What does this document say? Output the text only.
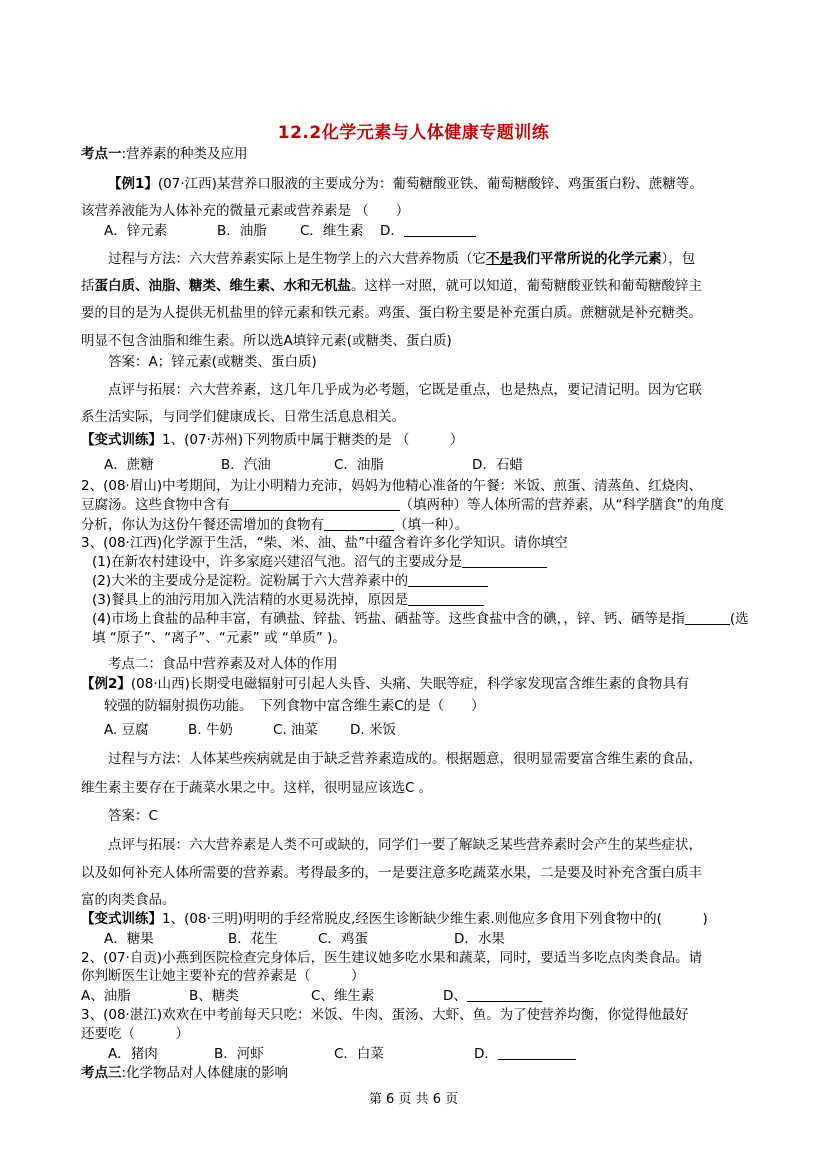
12.2化学元素与人体健康专题训练
考点一:营养素的种类及应用
【例1】(07·江西)某营养口服液的主要成分为：葡萄糖酸亚铁、葡萄糖酸锌、鸡蛋蛋白粉、蔗糖等。
该营养液能为人体补充的微量元素或营养素是 （　　）
A．锌元素	B．油脂 C．维生素 D．
过程与方法：六大营养素实际上是生物学上的六大营养物质（它不是我们平常所说的化学元素），包
括蛋白质、油脂、糖类、维生素、水和无机盐。这样一对照，就可以知道，葡萄糖酸亚铁和葡萄糖酸锌主
要的目的是为人提供无机盐里的锌元素和铁元素。鸡蛋、蛋白粉主要是补充蛋白质。蔗糖就是补充糖类。
明显不包含油脂和维生素。所以选A填锌元素(或糖类、蛋白质)
答案：A；锌元素(或糖类、蛋白质)
点评与拓展：六大营养素，这几年几乎成为必考题，它既是重点，也是热点，要记清记明。因为它联
系生活实际，与同学们健康成长、日常生活息息相关。
【变式训练】1、(07·苏州)下列物质中属于糖类的是 （　　　）
A．蔗糖	B．汽油	C．油脂	D．石蜡
2、(08·眉山)中考期间，为让小明精力充沛，妈妈为他精心准备的午餐：米饭、煎蛋、清蒸鱼、红烧肉、
豆腐汤。这些食物中含有	（填两种）等人体所需的营养素，从“科学膳食”的角度
分析，你认为这份午餐还需增加的食物有	（填一种）。
3、(08·江西)化学源于生活，“柴、米、油、盐”中蕴含着许多化学知识。请你填空
(1)在新农村建设中，许多家庭兴建沼气池。沼气的主要成分是
(2)大米的主要成分是淀粉。淀粉属于六大营养素中的
(3)餐具上的油污用加入洗洁精的水更易洗掉，原因是
(4)市场上食盐的品种丰富，有碘盐、锌盐、钙盐、硒盐等。这些食盐中含的碘，，锌、钙、硒等是指	(选
填 “原子”、“离子”、“元素” 或 “单质” )。
考点二：食品中营养素及对人体的作用
【例2】(08·山西)长期受电磁辐射可引起人头昏、头痛、失眠等症，科学家发现富含维生素的食物具有
较强的防辐射损伤功能。　下列食物中富含维生素C的是（　　）
A. 豆腐	B. 牛奶	C. 油菜 D. 米饭
过程与方法：人体某些疾病就是由于缺乏营养素造成的。根据题意，很明显需要富含维生素的食品，
维生素主要存在于蔬菜水果之中。这样，很明显应该选C 。
答案：C
点评与拓展：六大营养素是人类不可或缺的，同学们一要了解缺乏某些营养素时会产生的某些症状，
以及如何补充人体所需要的营养素。考得最多的，一是要注意多吃蔬菜水果，二是要及时补充含蛋白质丰
富的肉类食品。
【变式训练】1、(08·三明)明明的手经常脱皮,经医生诊断缺少维生素.则他应多食用下列食物中的(　　　)
A．糖果	B．花生	C．鸡蛋	D．水果
2、(07·自贡)小燕到医院检查完身体后，医生建议她多吃水果和蔬菜，同时，要适当多吃点肉类食品。请
你判断医生让她主要补充的营养素是（　　　）
A、油脂	B、糖类	C、维生素	D、
3、(08·湛江)欢欢在中考前每天只吃：米饭、牛肉、蛋汤、大虾、鱼。为了使营养均衡，你觉得他最好
还要吃（　　　）
A．猪肉	B．河虾	C．白菜	D．
考点三:化学物品对人体健康的影响
第 6 页 共 6 页
